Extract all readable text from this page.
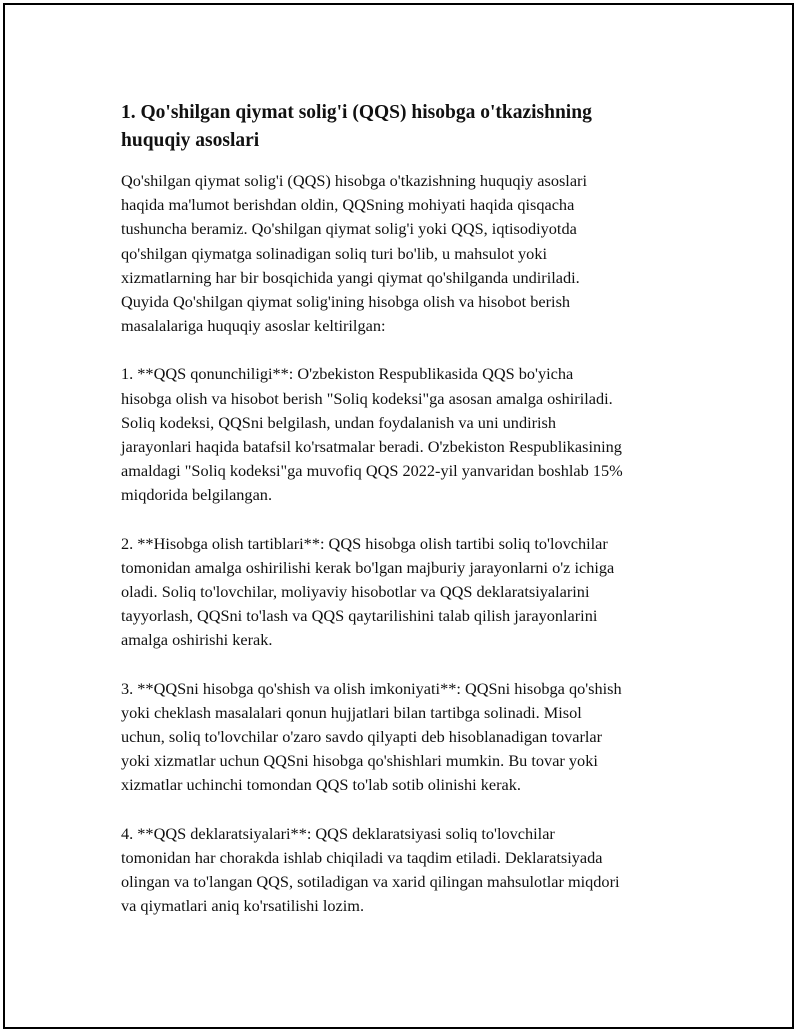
1. Qo'shilgan qiymat solig'i (QQS) hisobga o'tkazishning
huquqiy asoslari

Qo'shilgan qiymat solig'i (QQS) hisobga o'tkazishning huquqiy asoslari
haqida ma'lumot berishdan oldin, QQSning mohiyati haqida qisqacha
tushuncha beramiz. Qo'shilgan qiymat solig'i yoki QQS, iqtisodiyotda
qo'shilgan qiymatga solinadigan soliq turi bo'lib, u mahsulot yoki
xizmatlarning har bir bosqichida yangi qiymat qo'shilganda undiriladi.
Quyida Qo'shilgan qiymat solig'ining hisobga olish va hisobot berish
masalalariga huquqiy asoslar keltirilgan:

1. **QQS qonunchiligi**: O'zbekiston Respublikasida QQS bo'yicha
hisobga olish va hisobot berish "Soliq kodeksi"ga asosan amalga oshiriladi.
Soliq kodeksi, QQSni belgilash, undan foydalanish va uni undirish
jarayonlari haqida batafsil ko'rsatmalar beradi. O'zbekiston Respublikasining
amaldagi "Soliq kodeksi"ga muvofiq QQS 2022-yil yanvaridan boshlab 15%
miqdorida belgilangan.

2. **Hisobga olish tartiblari**: QQS hisobga olish tartibi soliq to'lovchilar
tomonidan amalga oshirilishi kerak bo'lgan majburiy jarayonlarni o'z ichiga
oladi. Soliq to'lovchilar, moliyaviy hisobotlar va QQS deklaratsiyalarini
tayyorlash, QQSni to'lash va QQS qaytarilishini talab qilish jarayonlarini
amalga oshirishi kerak.

3. **QQSni hisobga qo'shish va olish imkoniyati**: QQSni hisobga qo'shish
yoki cheklash masalalari qonun hujjatlari bilan tartibga solinadi. Misol
uchun, soliq to'lovchilar o'zaro savdo qilyapti deb hisoblanadigan tovarlar
yoki xizmatlar uchun QQSni hisobga qo'shishlari mumkin. Bu tovar yoki
xizmatlar uchinchi tomondan QQS to'lab sotib olinishi kerak.

4. **QQS deklaratsiyalari**: QQS deklaratsiyasi soliq to'lovchilar
tomonidan har chorakda ishlab chiqiladi va taqdim etiladi. Deklaratsiyada
olingan va to'langan QQS, sotiladigan va xarid qilingan mahsulotlar miqdori
va qiymatlari aniq ko'rsatilishi lozim.
